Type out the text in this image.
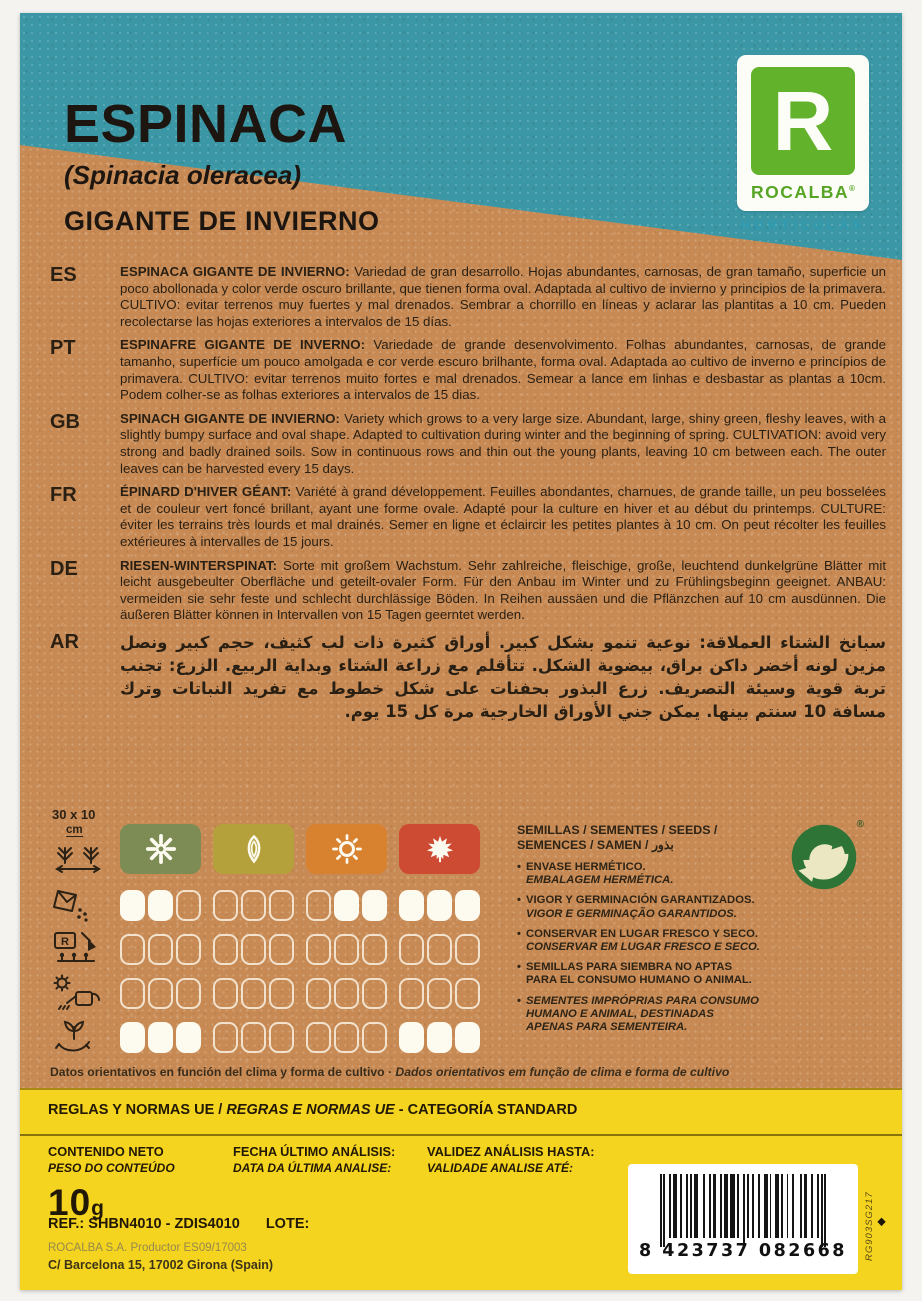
R
ROCALBA®
HORTICOLAS
ESPINACA
(Spinacia oleracea)
GIGANTE DE INVIERNO
ES	ESPINACA GIGANTE DE INVIERNO: Variedad de gran desarrollo. Hojas abundantes, carnosas, de gran tamaño, superficie un poco abollonada y color verde oscuro brillante, que tienen forma oval. Adaptada al cultivo de invierno y principios de la primavera. CULTIVO: evitar terrenos muy fuertes y mal drenados. Sembrar a chorrillo en líneas y aclarar las plantitas a 10 cm. Pueden recolectarse las hojas exteriores a intervalos de 15 días.

PT	ESPINAFRE GIGANTE DE INVERNO: Variedade de grande desenvolvimento. Folhas abundantes, carnosas, de grande tamanho, superfície um pouco amolgada e cor verde escuro brilhante, forma oval. Adaptada ao cultivo de inverno e princípios de primavera. CULTIVO: evitar terrenos muito fortes e mal drenados. Semear a lance em linhas e desbastar as plantas a 10cm. Podem colher-se as folhas exteriores a intervalos de 15 dias.

GB	SPINACH GIGANTE DE INVIERNO: Variety which grows to a very large size. Abundant, large, shiny green, fleshy leaves, with a slightly bumpy surface and oval shape. Adapted to cultivation during winter and the beginning of spring. CULTIVATION: avoid very strong and badly drained soils. Sow in continuous rows and thin out the young plants, leaving 10 cm between each. The outer leaves can be harvested every 15 days.

FR	ÉPINARD D'HIVER GÉANT: Variété à grand développement. Feuilles abondantes, charnues, de grande taille, un peu bosselées et de couleur vert foncé brillant, ayant une forme ovale. Adapté pour la culture en hiver et au début du printemps. CULTURE: éviter les terrains très lourds et mal drainés. Semer en ligne et éclaircir les petites plantes à 10 cm. On peut récolter les feuilles extérieures à intervalles de 15 jours.

DE	RIESEN-WINTERSPINAT: Sorte mit großem Wachstum. Sehr zahlreiche, fleischige, große, leuchtend dunkelgrüne Blätter mit leicht ausgebeulter Oberfläche und geteilt-ovaler Form. Für den Anbau im Winter und zu Frühlingsbeginn geeignet. ANBAU: vermeiden sie sehr feste und schlecht durchlässige Böden. In Reihen aussäen und die Pflänzchen auf 10 cm ausdünnen. Die äußeren Blätter können in Intervallen von 15 Tagen geerntet werden.

AR	سبانخ الشتاء العملاقة: نوعية تنمو بشكل كبير. أوراق كثيرة ذات لب كثيف، حجم كبير ونصل مزين لونه أخضر داكن براق، بيضوية الشكل. تتأقلم مع زراعة الشتاء وبداية الربيع. الزرع: تجنب تربة قوية وسيئة التصريف. زرع البذور بحفنات على شكل خطوط مع تفريد النباتات وترك مسافة 10 سنتم بينها. يمكن جني الأوراق الخارجية مرة كل 15 يوم.

30 x 10
cm
R
SEMILLAS / SEMENTES / SEEDS / SEMENCES / SAMEN / بذور
• ENVASE HERMÉTICO.
EMBALAGEM HERMÉTICA.
• VIGOR Y GERMINACIÓN GARANTIZADOS.
VIGOR E GERMINAÇÃO GARANTIDOS.
• CONSERVAR EN LUGAR FRESCO Y SECO.
CONSERVAR EM LUGAR FRESCO E SECO.
• SEMILLAS PARA SIEMBRA NO APTAS
PARA EL CONSUMO HUMANO O ANIMAL.
• SEMENTES IMPRÓPRIAS PARA CONSUMO
HUMANO E ANIMAL, DESTINADAS
APENAS PARA SEMENTEIRA.
®
Datos orientativos en función del clima y forma de cultivo · Dados orientativos em função de clima e forma de cultivo
REGLAS Y NORMAS UE / REGRAS E NORMAS UE - CATEGORÍA STANDARD
CONTENIDO NETO
PESO DO CONTEÚDO
10g
FECHA ÚLTIMO ANÁLISIS:
DATA DA ÚLTIMA ANALISE:
VALIDEZ ANÁLISIS HASTA:
VALIDADE ANALISE ATÉ:
REF.: SHBN4010 - ZDIS4010 LOTE:
ROCALBA S.A. Productor ES09/17003
C/ Barcelona 15, 17002 Girona (Spain)
8 423737 082668	RG903SG217 ◆
